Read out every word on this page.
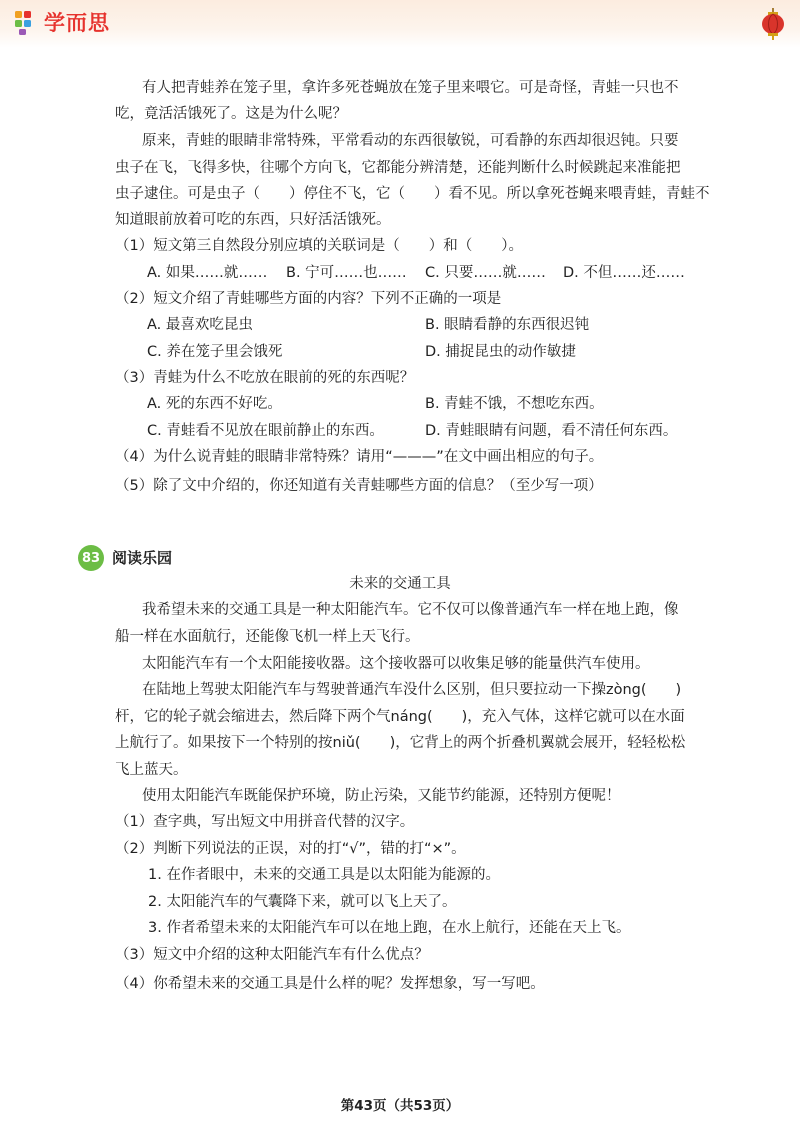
学而思
有人把青蛙养在笼子里，拿许多死苍蝇放在笼子里来喂它。可是奇怪，青蛙一只也不
吃，竟活活饿死了。这是为什么呢？
原来，青蛙的眼睛非常特殊，平常看动的东西很敏锐，可看静的东西却很迟钝。只要
虫子在飞，飞得多快，往哪个方向飞，它都能分辨清楚，还能判断什么时候跳起来准能把
虫子逮住。可是虫子（　　）停住不飞，它（　　）看不见。所以拿死苍蝇来喂青蛙，青蛙不
知道眼前放着可吃的东西，只好活活饿死。
（1）短文第三自然段分别应填的关联词是（　　）和（　　）。
A. 如果……就…… B. 宁可……也…… C. 只要……就…… D. 不但……还……
（2）短文介绍了青蛙哪些方面的内容？下列不正确的一项是
A. 最喜欢吃昆虫	B. 眼睛看静的东西很迟钝
C. 养在笼子里会饿死	D. 捕捉昆虫的动作敏捷
（3）青蛙为什么不吃放在眼前的死的东西呢？
A. 死的东西不好吃。	B. 青蛙不饿，不想吃东西。
C. 青蛙看不见放在眼前静止的东西。	D. 青蛙眼睛有问题，看不清任何东西。
（4）为什么说青蛙的眼睛非常特殊？请用“———”在文中画出相应的句子。
（5）除了文中介绍的，你还知道有关青蛙哪些方面的信息？（至少写一项）
83 阅读乐园
未来的交通工具
我希望未来的交通工具是一种太阳能汽车。它不仅可以像普通汽车一样在地上跑，像
船一样在水面航行，还能像飞机一样上天飞行。
太阳能汽车有一个太阳能接收器。这个接收器可以收集足够的能量供汽车使用。
在陆地上驾驶太阳能汽车与驾驶普通汽车没什么区别，但只要拉动一下操zòng(　　)
杆，它的轮子就会缩进去，然后降下两个气náng(　　)，充入气体，这样它就可以在水面
上航行了。如果按下一个特别的按niǔ(　　)，它背上的两个折叠机翼就会展开，轻轻松松
飞上蓝天。
使用太阳能汽车既能保护环境，防止污染，又能节约能源，还特别方便呢！
（1）查字典，写出短文中用拼音代替的汉字。
（2）判断下列说法的正误，对的打“√”，错的打“×”。
1. 在作者眼中，未来的交通工具是以太阳能为能源的。
2. 太阳能汽车的气囊降下来，就可以飞上天了。
3. 作者希望未来的太阳能汽车可以在地上跑，在水上航行，还能在天上飞。
（3）短文中介绍的这种太阳能汽车有什么优点？
（4）你希望未来的交通工具是什么样的呢？发挥想象，写一写吧。
第43页（共53页）
